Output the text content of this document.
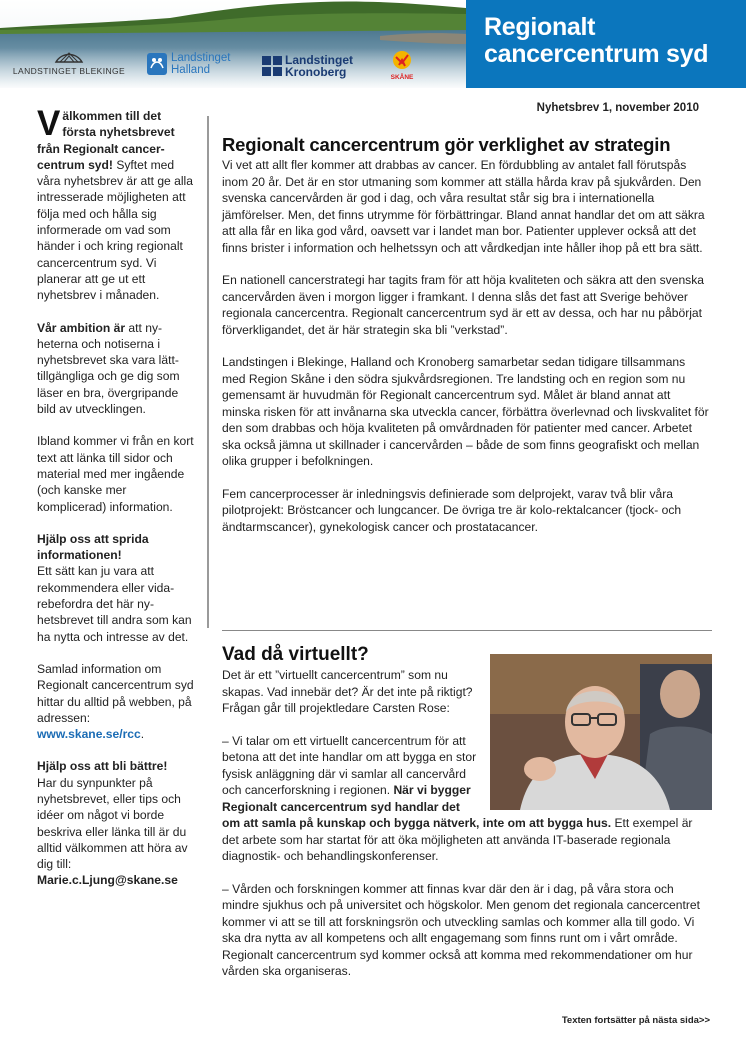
LANDSTINGET BLEKINGE
Landstinget
Halland
Landstinget
Kronoberg	SKÅNE
Regionalt
cancercentrum syd
Nyhetsbrev 1, november 2010

Välkommen till det första nyhetsbrevet från Regionalt cancercentrum syd! Syftet med våra nyhetsbrev är att ge alla intresserade möjligheten att följa med och hålla sig informerade om vad som händer i och kring regionalt cancercentrum syd. Vi planerar att ge ut ett nyhetsbrev i månaden.

Vår ambition är att nyheterna och notiserna i nyhetsbrevet ska vara lätttillgängliga och ge dig som läser en bra, övergripande bild av utvecklingen.

Ibland kommer vi från en kort text att länka till sidor och material med mer ingående (och kanske mer komplicerad) information.

Hjälp oss att sprida informationen!
Ett sätt kan ju vara att rekommendera eller vidarebefordra det här nyhetsbrevet till andra som kan ha nytta och intresse av det.

Samlad information om Regionalt cancercentrum syd hittar du alltid på webben, på adressen:
www.skane.se/rcc.

Hjälp oss att bli bättre!
Har du synpunkter på nyhetsbrevet, eller tips och idéer om något vi borde beskriva eller länka till är du alltid välkommen att höra av dig till:
Marie.c.Ljung@skane.se

Regionalt cancercentrum gör verklighet av strategin

Vi vet att allt fler kommer att drabbas av cancer. En fördubbling av antalet fall förutspås inom 20 år. Det är en stor utmaning som kommer att ställa hårda krav på sjukvården. Den svenska cancervården är god i dag, och våra resultat står sig bra i internationella jämförelser. Men, det finns utrymme för förbättringar. Bland annat handlar det om att säkra att alla får en lika god vård, oavsett var i landet man bor. Patienter upplever också att det finns brister i information och helhetssyn och att vårdkedjan inte håller ihop på ett bra sätt.

En nationell cancerstrategi har tagits fram för att höja kvaliteten och säkra att den svenska cancervården även i morgon ligger i framkant. I denna slås det fast att Sverige behöver regionala cancercentra. Regionalt cancercentrum syd är ett av dessa, och har nu påbörjat förverkligandet, det är här strategin ska bli ”verkstad”.

Landstingen i Blekinge, Halland och Kronoberg samarbetar sedan tidigare tillsammans med Region Skåne i den södra sjukvårdsregionen. Tre landsting och en region som nu gemensamt är huvudmän för Regionalt cancercentrum syd. Målet är bland annat att minska risken för att invånarna ska utveckla cancer, förbättra överlevnad och livskvalitet för den som drabbas och höja kvaliteten på omvårdnaden för patienter med cancer. Arbetet ska också jämna ut skillnader i cancervården – både de som finns geografiskt och mellan olika grupper i befolkningen.

Fem cancerprocesser är inledningsvis definierade som delprojekt, varav två blir våra pilotprojekt: Bröstcancer och lungcancer. De övriga tre är kolo-rektalcancer (tjock- och ändtarmscancer), gynekologisk cancer och prostatacancer.

Vad då virtuellt?

Det är ett ”virtuellt cancercentrum” som nu skapas. Vad innebär det? Är det inte på riktigt? Frågan går till projektledare Carsten Rose:

– Vi talar om ett virtuellt cancercentrum för att betona att det inte handlar om att bygga en stor fysisk anläggning där vi samlar all cancervård och cancerforskning i regionen. När vi bygger Regionalt cancercentrum syd handlar det om att samla på kunskap och bygga nätverk, inte om att bygga hus. Ett exempel är det arbete som har startat för att öka möjligheten att använda IT-baserade regionala diagnostik- och behandlingskonferenser.

– Vården och forskningen kommer att finnas kvar där den är i dag, på våra stora och mindre sjukhus och på universitet och högskolor. Men genom det regionala cancercentret kommer vi att se till att forskningsrön och utveckling samlas och kommer alla till godo. Vi ska dra nytta av all kompetens och allt engagemang som finns runt om i vårt område. Regionalt cancercentrum syd kommer också att komma med rekommendationer om hur vården ska organiseras.

Texten fortsätter på nästa sida>>
